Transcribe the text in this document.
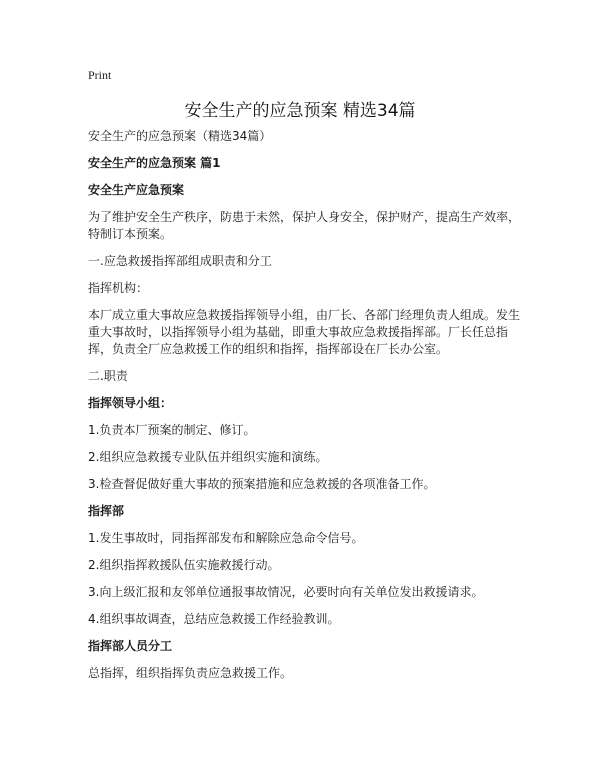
Print
安全生产的应急预案 精选34篇

安全生产的应急预案（精选34篇）

安全生产的应急预案 篇1

安全生产应急预案

为了维护安全生产秩序，防患于未然，保护人身安全，保护财产，提高生产效率，特制订本预案。

一.应急救援指挥部组成职责和分工

指挥机构：

本厂成立重大事故应急救援指挥领导小组，由厂长、各部门经理负责人组成。发生重大事故时，以指挥领导小组为基础，即重大事故应急救援指挥部。厂长任总指挥，负责全厂应急救援工作的组织和指挥，指挥部设在厂长办公室。

二.职责

指挥领导小组：

1.负责本厂预案的制定、修订。

2.组织应急救援专业队伍并组织实施和演练。

3.检查督促做好重大事故的预案措施和应急救援的各项准备工作。

指挥部

1.发生事故时，同指挥部发布和解除应急命令信号。

2.组织指挥救援队伍实施救援行动。

3.向上级汇报和友邻单位通报事故情况，必要时向有关单位发出救援请求。

4.组织事故调查，总结应急救援工作经验教训。

指挥部人员分工

总指挥，组织指挥负责应急救援工作。
